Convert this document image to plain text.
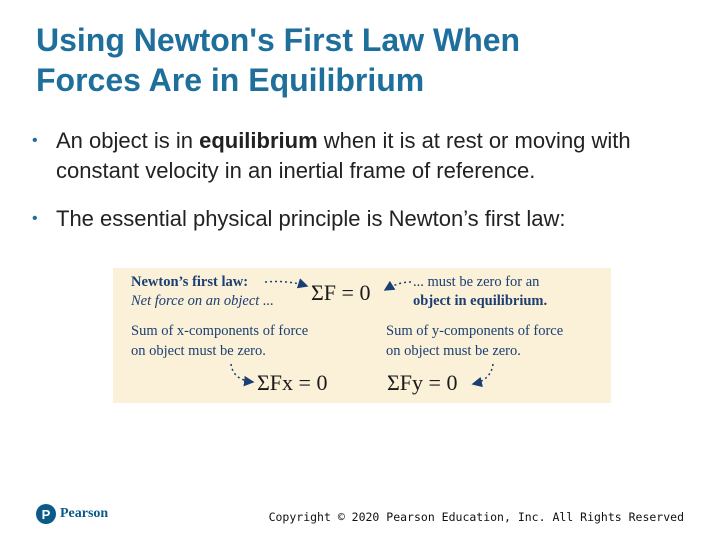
Using Newton's First Law When
Forces Are in Equilibrium
• An object is in equilibrium when it is at rest or moving with constant velocity in an inertial frame of reference.
• The essential physical principle is Newton’s first law:
Newton’s first law:
Net force on an object ... ΣF = 0	... must be zero for an
object in equilibrium.
Sum of x-components of force
on object must be zero.
Sum of y-components of force
on object must be zero.
ΣFx = 0	ΣFy = 0
P Pearson	Copyright © 2020 Pearson Education, Inc. All Rights Reserved
